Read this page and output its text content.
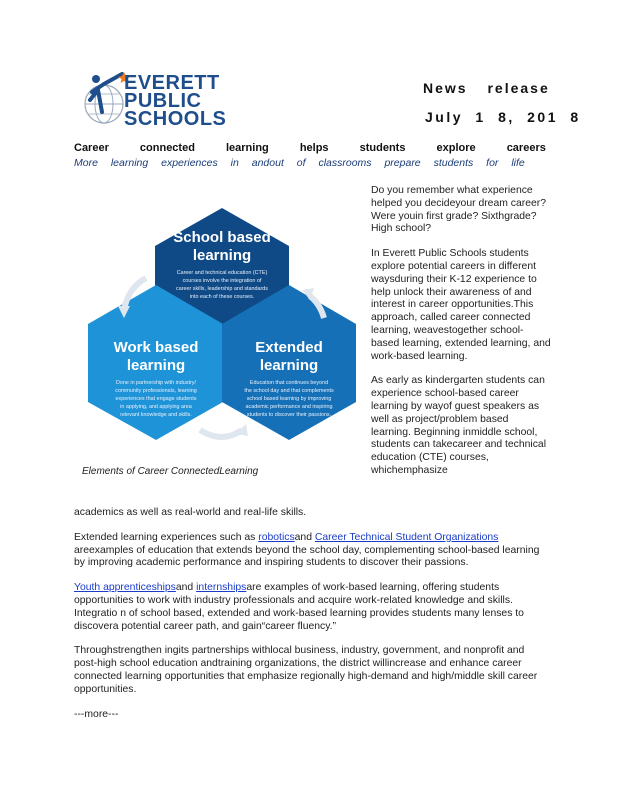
EVERETT
PUBLIC
SCHOOLS
News release
July 1 8, 201 8
Career connected learning helps students explore careers
More learning experiences in andout of classrooms prepare students for life
School based
learning
Career and technical education (CTE)
courses involve the integration of
career skills, leadership and standards
into each of these courses.
Work based
learning
Done in partnership with industry/
community professionals, learning
experiences that engage students
in applying, and applying area
relevant knowledge and skills.
Extended
learning
Education that continues beyond
the school day and that complements
school based learning by improving
academic performance and inspiring
students to discover their passions.
Elements of Career ConnectedLearning

Do you remember what experience helped you decideyour dream career?Were youin first grade? Sixthgrade? High school?

In Everett Public Schools students explore potential careers in different waysduring their K-12 experience to help unlock their awareness of and interest in career opportunities.This approach, called career connected learning, weavestogether school-based learning, extended learning, and work-based learning.

As early as kindergarten students can experience school-based career learning by wayof guest speakers as well as project/problem based learning. Beginning inmiddle school, students can takecareer and technical education (CTE) courses, whichemphasize

academics as well as real-world and real-life skills.

Extended learning experiences such as roboticsand Career Technical Student Organizations areexamples of education that extends beyond the school day, complementing school-based learning by improving academic performance and inspiring students to discover their passions.

Youth apprenticeshipsand internshipsare examples of work-based learning, offering students opportunities to work with industry professionals and acquire work-related knowledge and skills. Integratio n of school based, extended and work-based learning provides students many lenses to discovera potential career path, and gain“career fluency.”

Throughstrengthen ingits partnerships withlocal business, industry, government, and nonprofit and post-high school education andtraining organizations, the district willincrease and enhance career connected learning opportunities that emphasize regionally high-demand and high/middle skill career opportunities.

---more---
